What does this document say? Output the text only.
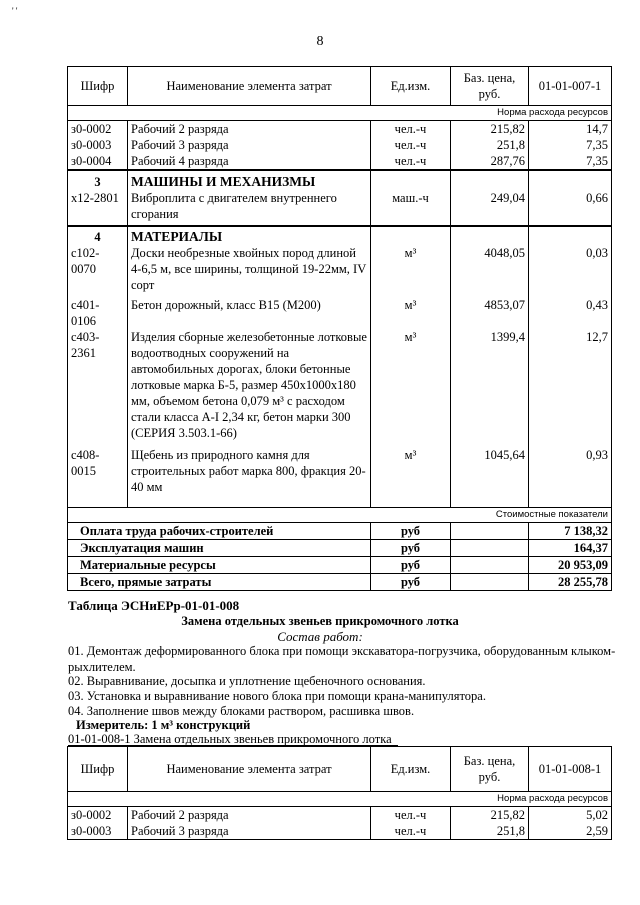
' '
8
Шифр	Наименование элемента затрат	Ед.изм.	Баз. цена, руб.	01-01-007-1
Норма расхода ресурсов				
з0-0002	Рабочий 2 разряда	чел.-ч	215,82	14,7
з0-0003	Рабочий 3 разряда	чел.-ч	251,8	7,35
з0-0004	Рабочий 4 разряда	чел.-ч	287,76	7,35
3	МАШИНЫ И МЕХАНИЗМЫ			
х12-2801	Виброплита с двигателем внутреннего сгорания	маш.-ч	249,04	0,66
4	МАТЕРИАЛЫ			
с102-0070	Доски необрезные хвойных пород длиной 4-6,5 м, все ширины, толщиной 19-22мм, IV сорт	м³	4048,05	0,03
с401-0106	Бетон дорожный, класс В15 (М200)	м³	4853,07	0,43
с403-2361	Изделия сборные железобетонные лотковые водоотводных сооружений на автомобильных дорогах, блоки бетонные лотковые марка Б-5, размер 450х1000х180 мм, объемом бетона 0,079 м³ с расходом стали класса А-I 2,34 кг, бетон марки 300 (СЕРИЯ 3.503.1-66)	м³	1399,4	12,7
с408-0015	Щебень из природного камня для строительных работ марка 800, фракция 20-40 мм	м³	1045,64	0,93
Стоимостные показатели				
Оплата труда рабочих-строителей		руб		7 138,32
Эксплуатация машин		руб		164,37
Материальные ресурсы		руб		20 953,09
Всего, прямые затраты		руб		28 255,78
Таблица ЭСНиЕРр-01-01-008
Замена отдельных звеньев прикромочного лотка
Состав работ:
01. Демонтаж деформированного блока при помощи экскаватора-погрузчика, оборудованным клыком-рыхлителем.
02. Выравнивание, досыпка и уплотнение щебеночного основания.
03. Установка и выравнивание нового блока при помощи крана-манипулятора.
04. Заполнение швов между блоками раствором, расшивка швов.
Измеритель: 1 м³ конструкций
01-01-008-1 Замена отдельных звеньев прикромочного лотка
Шифр	Наименование элемента затрат	Ед.изм.	Баз. цена, руб.	01-01-008-1
Норма расхода ресурсов				
з0-0002	Рабочий 2 разряда	чел.-ч	215,82	5,02
з0-0003	Рабочий 3 разряда	чел.-ч	251,8	2,59
